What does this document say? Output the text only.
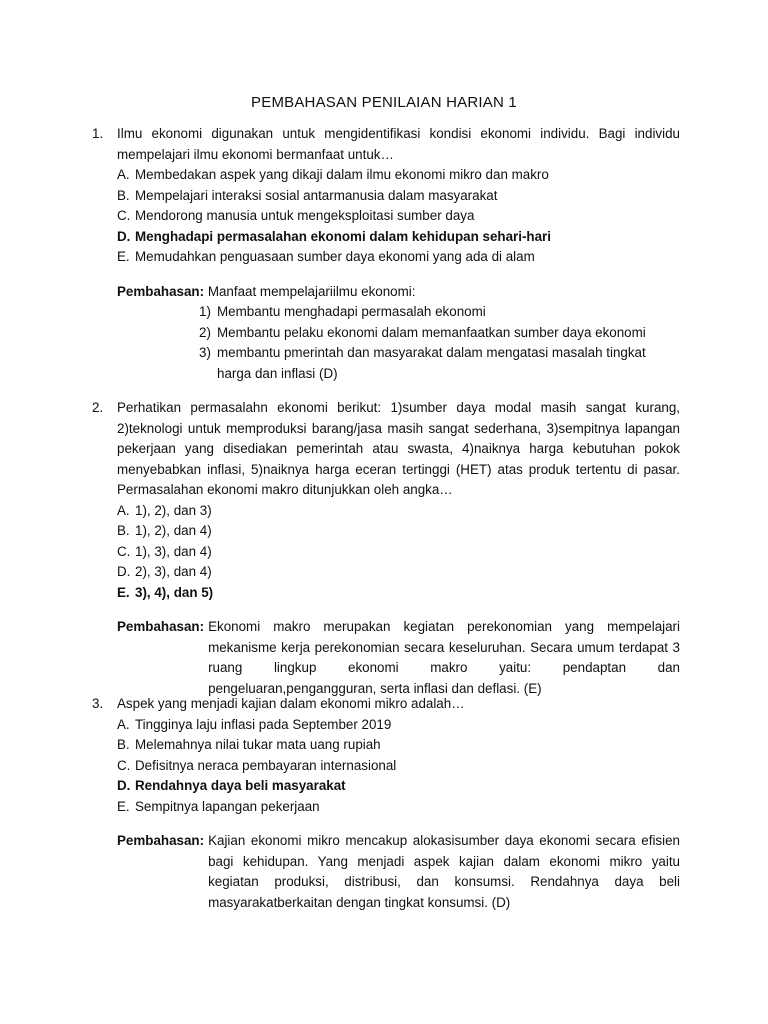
PEMBAHASAN PENILAIAN HARIAN 1
1. Ilmu ekonomi digunakan untuk mengidentifikasi kondisi ekonomi individu. Bagi individu mempelajari ilmu ekonomi bermanfaat untuk…
A. Membedakan aspek yang dikaji dalam ilmu ekonomi mikro dan makro
B. Mempelajari interaksi sosial antarmanusia dalam masyarakat
C. Mendorong manusia untuk mengeksploitasi sumber daya
D. Menghadapi permasalahan ekonomi dalam kehidupan sehari-hari
E. Memudahkan penguasaan sumber daya ekonomi yang ada di alam
Pembahasan: Manfaat mempelajariilmu ekonomi:
1) Membantu menghadapi permasalah ekonomi
2) Membantu pelaku ekonomi dalam memanfaatkan sumber daya ekonomi
3) membantu pmerintah dan masyarakat dalam mengatasi masalah tingkat harga dan inflasi (D)
2. Perhatikan permasalahn ekonomi berikut: 1)sumber daya modal masih sangat kurang, 2)teknologi untuk memproduksi barang/jasa masih sangat sederhana, 3)sempitnya lapangan pekerjaan yang disediakan pemerintah atau swasta, 4)naiknya harga kebutuhan pokok menyebabkan inflasi, 5)naiknya harga eceran tertinggi (HET) atas produk tertentu di pasar. Permasalahan ekonomi makro ditunjukkan oleh angka…
A. 1), 2), dan 3)
B. 1), 2), dan 4)
C. 1), 3), dan 4)
D. 2), 3), dan 4)
E. 3), 4), dan 5)
Pembahasan: Ekonomi makro merupakan kegiatan perekonomian yang mempelajari mekanisme kerja perekonomian secara keseluruhan. Secara umum terdapat 3 ruang lingkup ekonomi makro yaitu: pendaptan dan pengeluaran,pengangguran, serta inflasi dan deflasi. (E)
3. Aspek yang menjadi kajian dalam ekonomi mikro adalah…
A. Tingginya laju inflasi pada September 2019
B. Melemahnya nilai tukar mata uang rupiah
C. Defisitnya neraca pembayaran internasional
D. Rendahnya daya beli masyarakat
E. Sempitnya lapangan pekerjaan
Pembahasan: Kajian ekonomi mikro mencakup alokasisumber daya ekonomi secara efisien bagi kehidupan. Yang menjadi aspek kajian dalam ekonomi mikro yaitu kegiatan produksi, distribusi, dan konsumsi. Rendahnya daya beli masyarakatberkaitan dengan tingkat konsumsi. (D)
